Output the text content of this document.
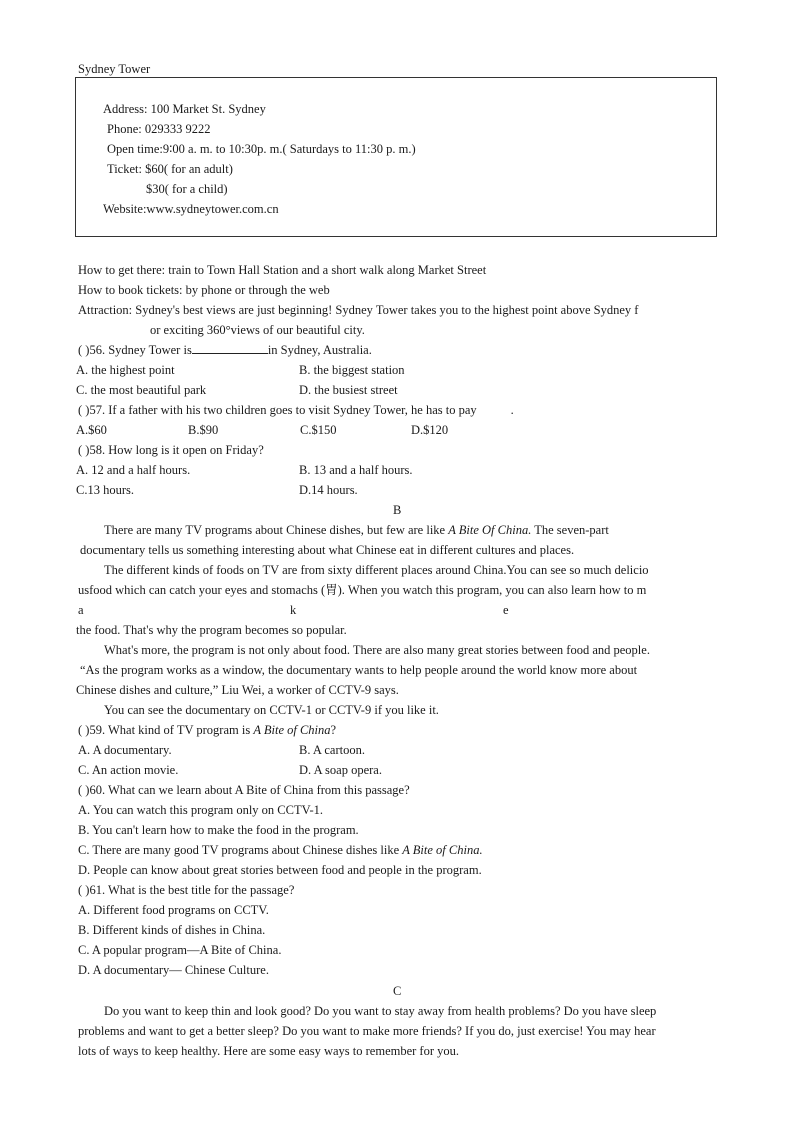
Sydney Tower
Address: 100 Market St. Sydney
Phone: 029333 9222
Open time:9∶00 a. m. to 10:30p. m.( Saturdays to 11:30 p. m.)
Ticket: $60( for an adult)
$30( for a child)
Website:www.sydneytower.com.cn
How to get there: train to Town Hall Station and a short walk along Market Street
How to book tickets: by phone or through the web
Attraction: Sydney's best views are just beginning! Sydney Tower takes you to the highest point above Sydney f
or exciting 360°views of our beautiful city.
( )56. Sydney Tower is	in Sydney, Australia.
A. the highest point	B. the biggest station
C. the most beautiful park	D. the busiest street
( )57. If a father with his two children goes to visit Sydney Tower, he has to pay	.
A.$60	B.$90	C.$150	D.$120
( )58. How long is it open on Friday?
A. 12 and a half hours.	B. 13 and a half hours.
C.13 hours.	D.14 hours.
B
There are many TV programs about Chinese dishes, but few are like A Bite Of China. The seven-part
documentary tells us something interesting about what Chinese eat in different cultures and places.
The different kinds of foods on TV are from sixty different places around China.You can see so much delicio
usfood which can catch your eyes and stomachs (胃). When you watch this program, you can also learn how to m
a	k	e
the food. That's why the program becomes so popular.
What's more, the program is not only about food. There are also many great stories between food and people.
“As the program works as a window, the documentary wants to help people around the world know more about
Chinese dishes and culture,” Liu Wei, a worker of CCTV-9 says.
You can see the documentary on CCTV-1 or CCTV-9 if you like it.
( )59. What kind of TV program is A Bite of China?
A. A documentary.	B. A cartoon.
C. An action movie.	D. A soap opera.
( )60. What can we learn about A Bite of China from this passage?
A. You can watch this program only on CCTV-1.
B. You can't learn how to make the food in the program.
C. There are many good TV programs about Chinese dishes like A Bite of China.
D. People can know about great stories between food and people in the program.
( )61. What is the best title for the passage?
A. Different food programs on CCTV.
B. Different kinds of dishes in China.
C. A popular program—A Bite of China.
D. A documentary— Chinese Culture.
C
Do you want to keep thin and look good? Do you want to stay away from health problems? Do you have sleep
problems and want to get a better sleep? Do you want to make more friends? If you do, just exercise! You may hear
lots of ways to keep healthy. Here are some easy ways to remember for you.
